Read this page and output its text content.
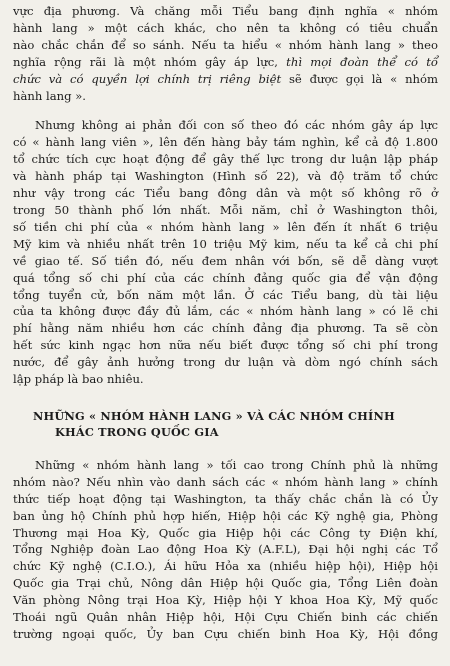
vực địa phương. Và chăng mỗi Tiểu bang định nghĩa « nhóm
hành lang » một cách khác, cho nên ta không có tiêu chuẩn
nào chắc chắn để so sánh. Nếu ta hiểu « nhóm hành lang » theo
nghĩa rộng rãi là một nhóm gây áp lực, thì mọi đoàn thể có tổ
chức và có quyền lợi chính trị riêng biệt sẽ được gọi là « nhóm
hành lang ».

Nhưng không ai phản đối con số theo đó các nhóm gây áp lực
có « hành lang viên », lên đến hàng bảy tám nghìn, kể cả độ 1.800
tổ chức tích cực hoạt động để gây thế lực trong dư luận lập pháp
và hành pháp tại Washington (Hình số 22), và độ trăm tổ chức
như vậy trong các Tiểu bang đông dân và một số không rõ ở
trong 50 thành phố lớn nhất. Mỗi năm, chỉ ở Washington thôi,
số tiền chi phí của « nhóm hành lang » lên đến ít nhất 6 triệu
Mỹ kim và nhiều nhất trên 10 triệu Mỹ kim, nếu ta kể cả chi phí
về giao tế. Số tiền đó, nếu đem nhân với bốn, sẽ dễ dàng vượt
quá tổng số chi phí của các chính đảng quốc gia để vận động
tổng tuyển cử, bốn năm một lần. Ở các Tiểu bang, dù tài liệu
của ta không được đầy đủ lắm, các « nhóm hành lang » có lẽ chi
phí hằng năm nhiều hơn các chính đảng địa phương. Ta sẽ còn
hết sức kinh ngạc hơn nữa nếu biết được tổng số chi phí trong
nước, để gây ảnh hưởng trong dư luận và dòm ngó chính sách
lập pháp là bao nhiêu.

NHỮNG « NHÓM HÀNH LANG » VÀ CÁC NHÓM CHÍNH
KHÁC TRONG QUỐC GIA

Những « nhóm hành lang » tối cao trong Chính phủ là những
nhóm nào? Nếu nhìn vào danh sách các « nhóm hành lang » chính
thức tiếp hoạt động tại Washington, ta thấy chắc chắn là có Ủy
ban ủng hộ Chính phủ hợp hiến, Hiệp hội các Kỹ nghệ gia, Phòng
Thương mại Hoa Kỳ, Quốc gia Hiệp hội các Công ty Điện khí,
Tổng Nghiệp đoàn Lao động Hoa Kỳ (A.F.L), Đại hội nghị các Tổ
chức Kỹ nghệ (C.I.O.), Ái hữu Hỏa xa (nhiều hiệp hội), Hiệp hội
Quốc gia Trại chủ, Nông dân Hiệp hội Quốc gia, Tổng Liên đoàn
Văn phòng Nông trại Hoa Kỳ, Hiệp hội Y khoa Hoa Kỳ, Mỹ quốc
Thoái ngũ Quân nhân Hiệp hội, Hội Cựu Chiến binh các chiến
trường ngoại quốc, Ủy ban Cựu chiến binh Hoa Kỳ, Hội đồng
